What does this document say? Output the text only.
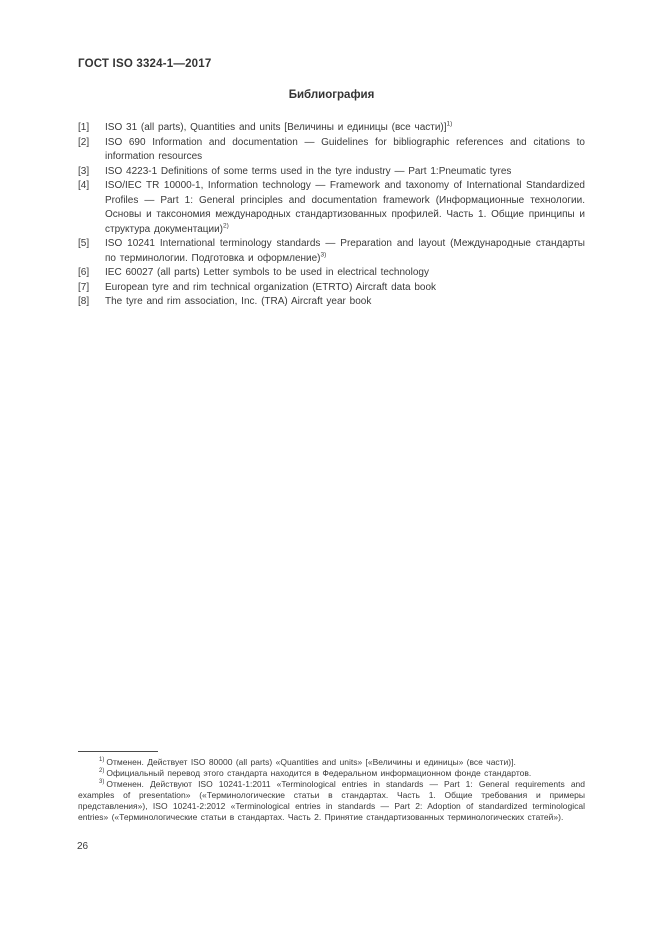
ГОСТ ISO 3324-1—2017
Библиография
[1] ISO 31 (all parts), Quantities and units [Величины и единицы (все части)]$^{1)}$
[2] ISO 690 Information and documentation — Guidelines for bibliographic references and citations to information resources
[3] ISO 4223-1 Definitions of some terms used in the tyre industry — Part 1:Pneumatic tyres
[4] ISO/IEC TR 10000-1, Information technology — Framework and taxonomy of International Standardized Profiles — Part 1: General principles and documentation framework (Информационные технологии. Основы и таксономия международных стандартизованных профилей. Часть 1. Общие принципы и структура документации)$^{2)}$
[5] ISO 10241 International terminology standards — Preparation and layout (Международные стандарты по терминологии. Подготовка и оформление)$^{3)}$
[6] IEC 60027 (all parts) Letter symbols to be used in electrical technology
[7] European tyre and rim technical organization (ETRTO) Aircraft data book
[8] The tyre and rim association, Inc. (TRA) Aircraft year book

$^{1)}$ Отменен. Действует ISO 80000 (all parts) «Quantities and units» [«Величины и единицы» (все части)].

$^{2)}$ Официальный перевод этого стандарта находится в Федеральном информационном фонде стандартов.

$^{3)}$ Отменен. Действуют ISO 10241-1:2011 «Terminological entries in standards — Part 1: General requirements and examples of presentation» («Терминологические статьи в стандартах. Часть 1. Общие требования и примеры представления»), ISO 10241-2:2012 «Terminological entries in standards — Part 2: Adoption of standardized terminological entries» («Терминологические статьи в стандартах. Часть 2. Принятие стандартизованных терминологических статей»).

26
